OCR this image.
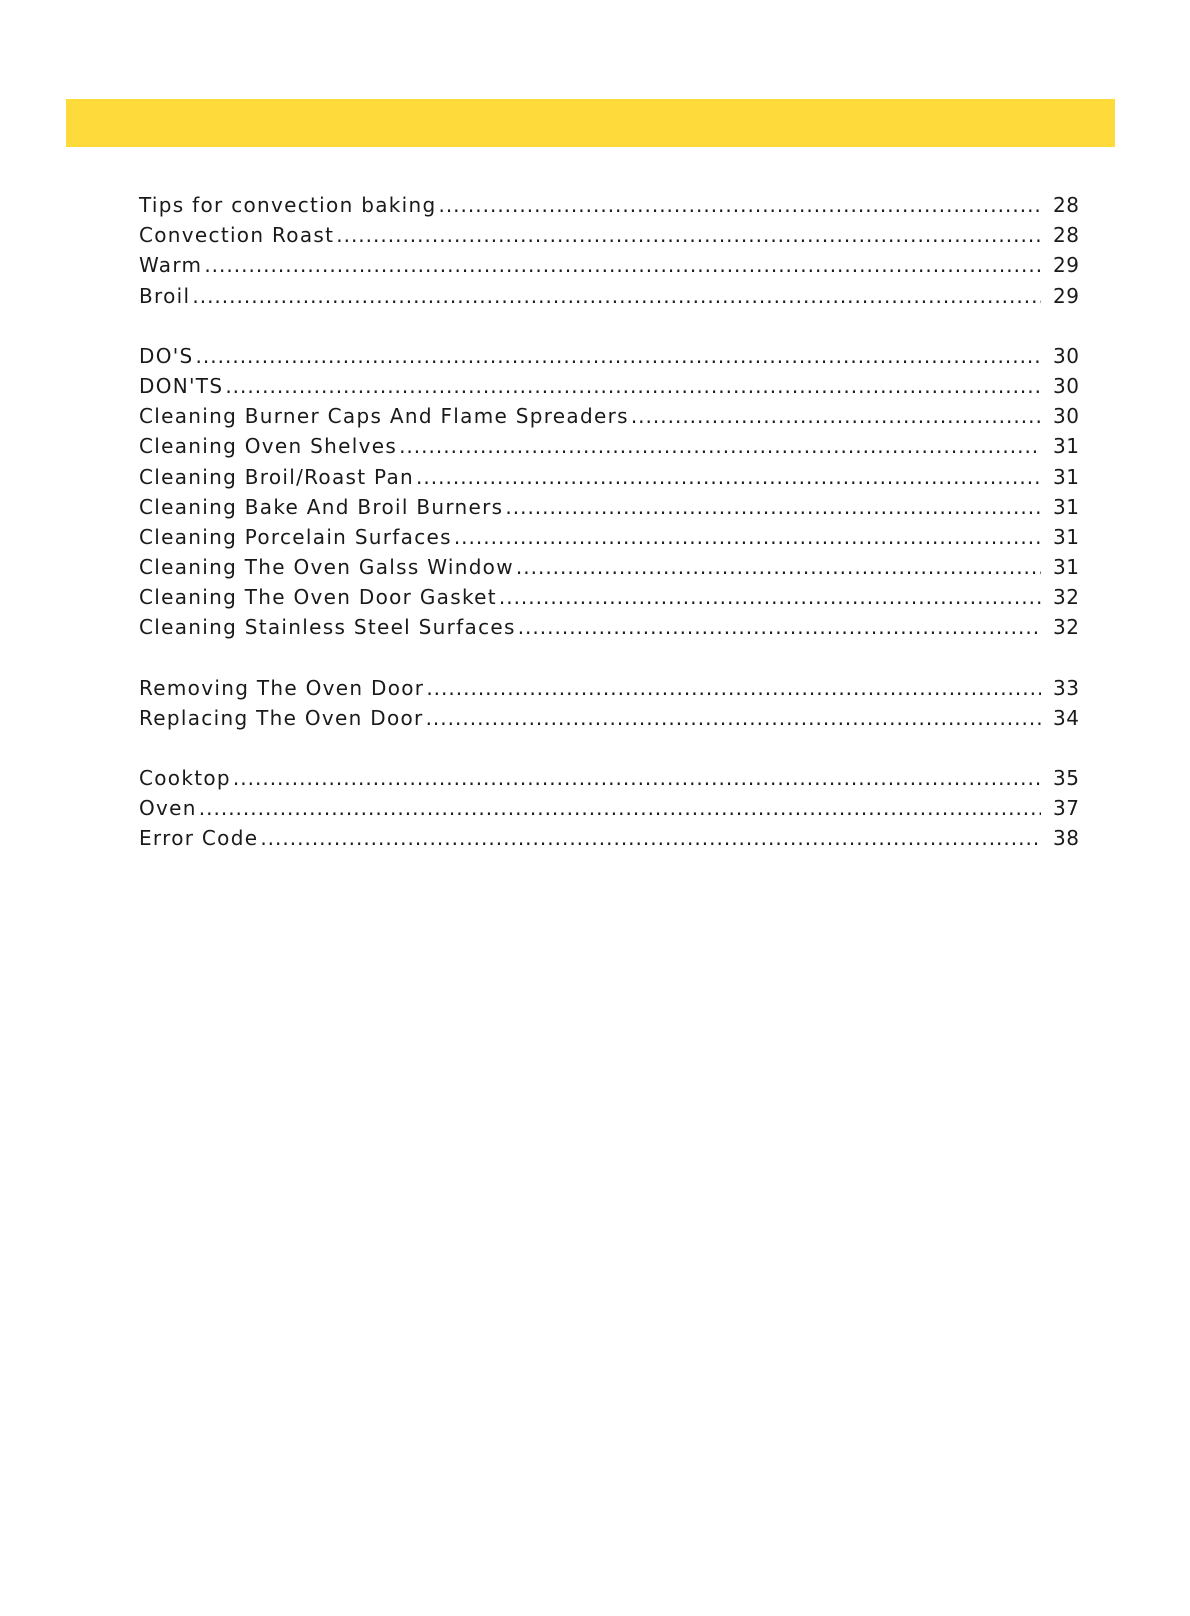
Tips for convection baking .....	28
Convection Roast .....	28
Warm .....	29
Broil .....	29
DO'S .....	30
DON'TS .....	30
Cleaning Burner Caps And Flame Spreaders .....	30
Cleaning Oven Shelves .....	31
Cleaning Broil/Roast Pan .....	31
Cleaning Bake And Broil Burners .....	31
Cleaning Porcelain Surfaces .....	31
Cleaning The Oven Galss Window .....	31
Cleaning The Oven Door Gasket .....	32
Cleaning Stainless Steel Surfaces .....	32
Removing The Oven Door .....	33
Replacing The Oven Door .....	34
Cooktop .....	35
Oven .....	37
Error Code .....	38
